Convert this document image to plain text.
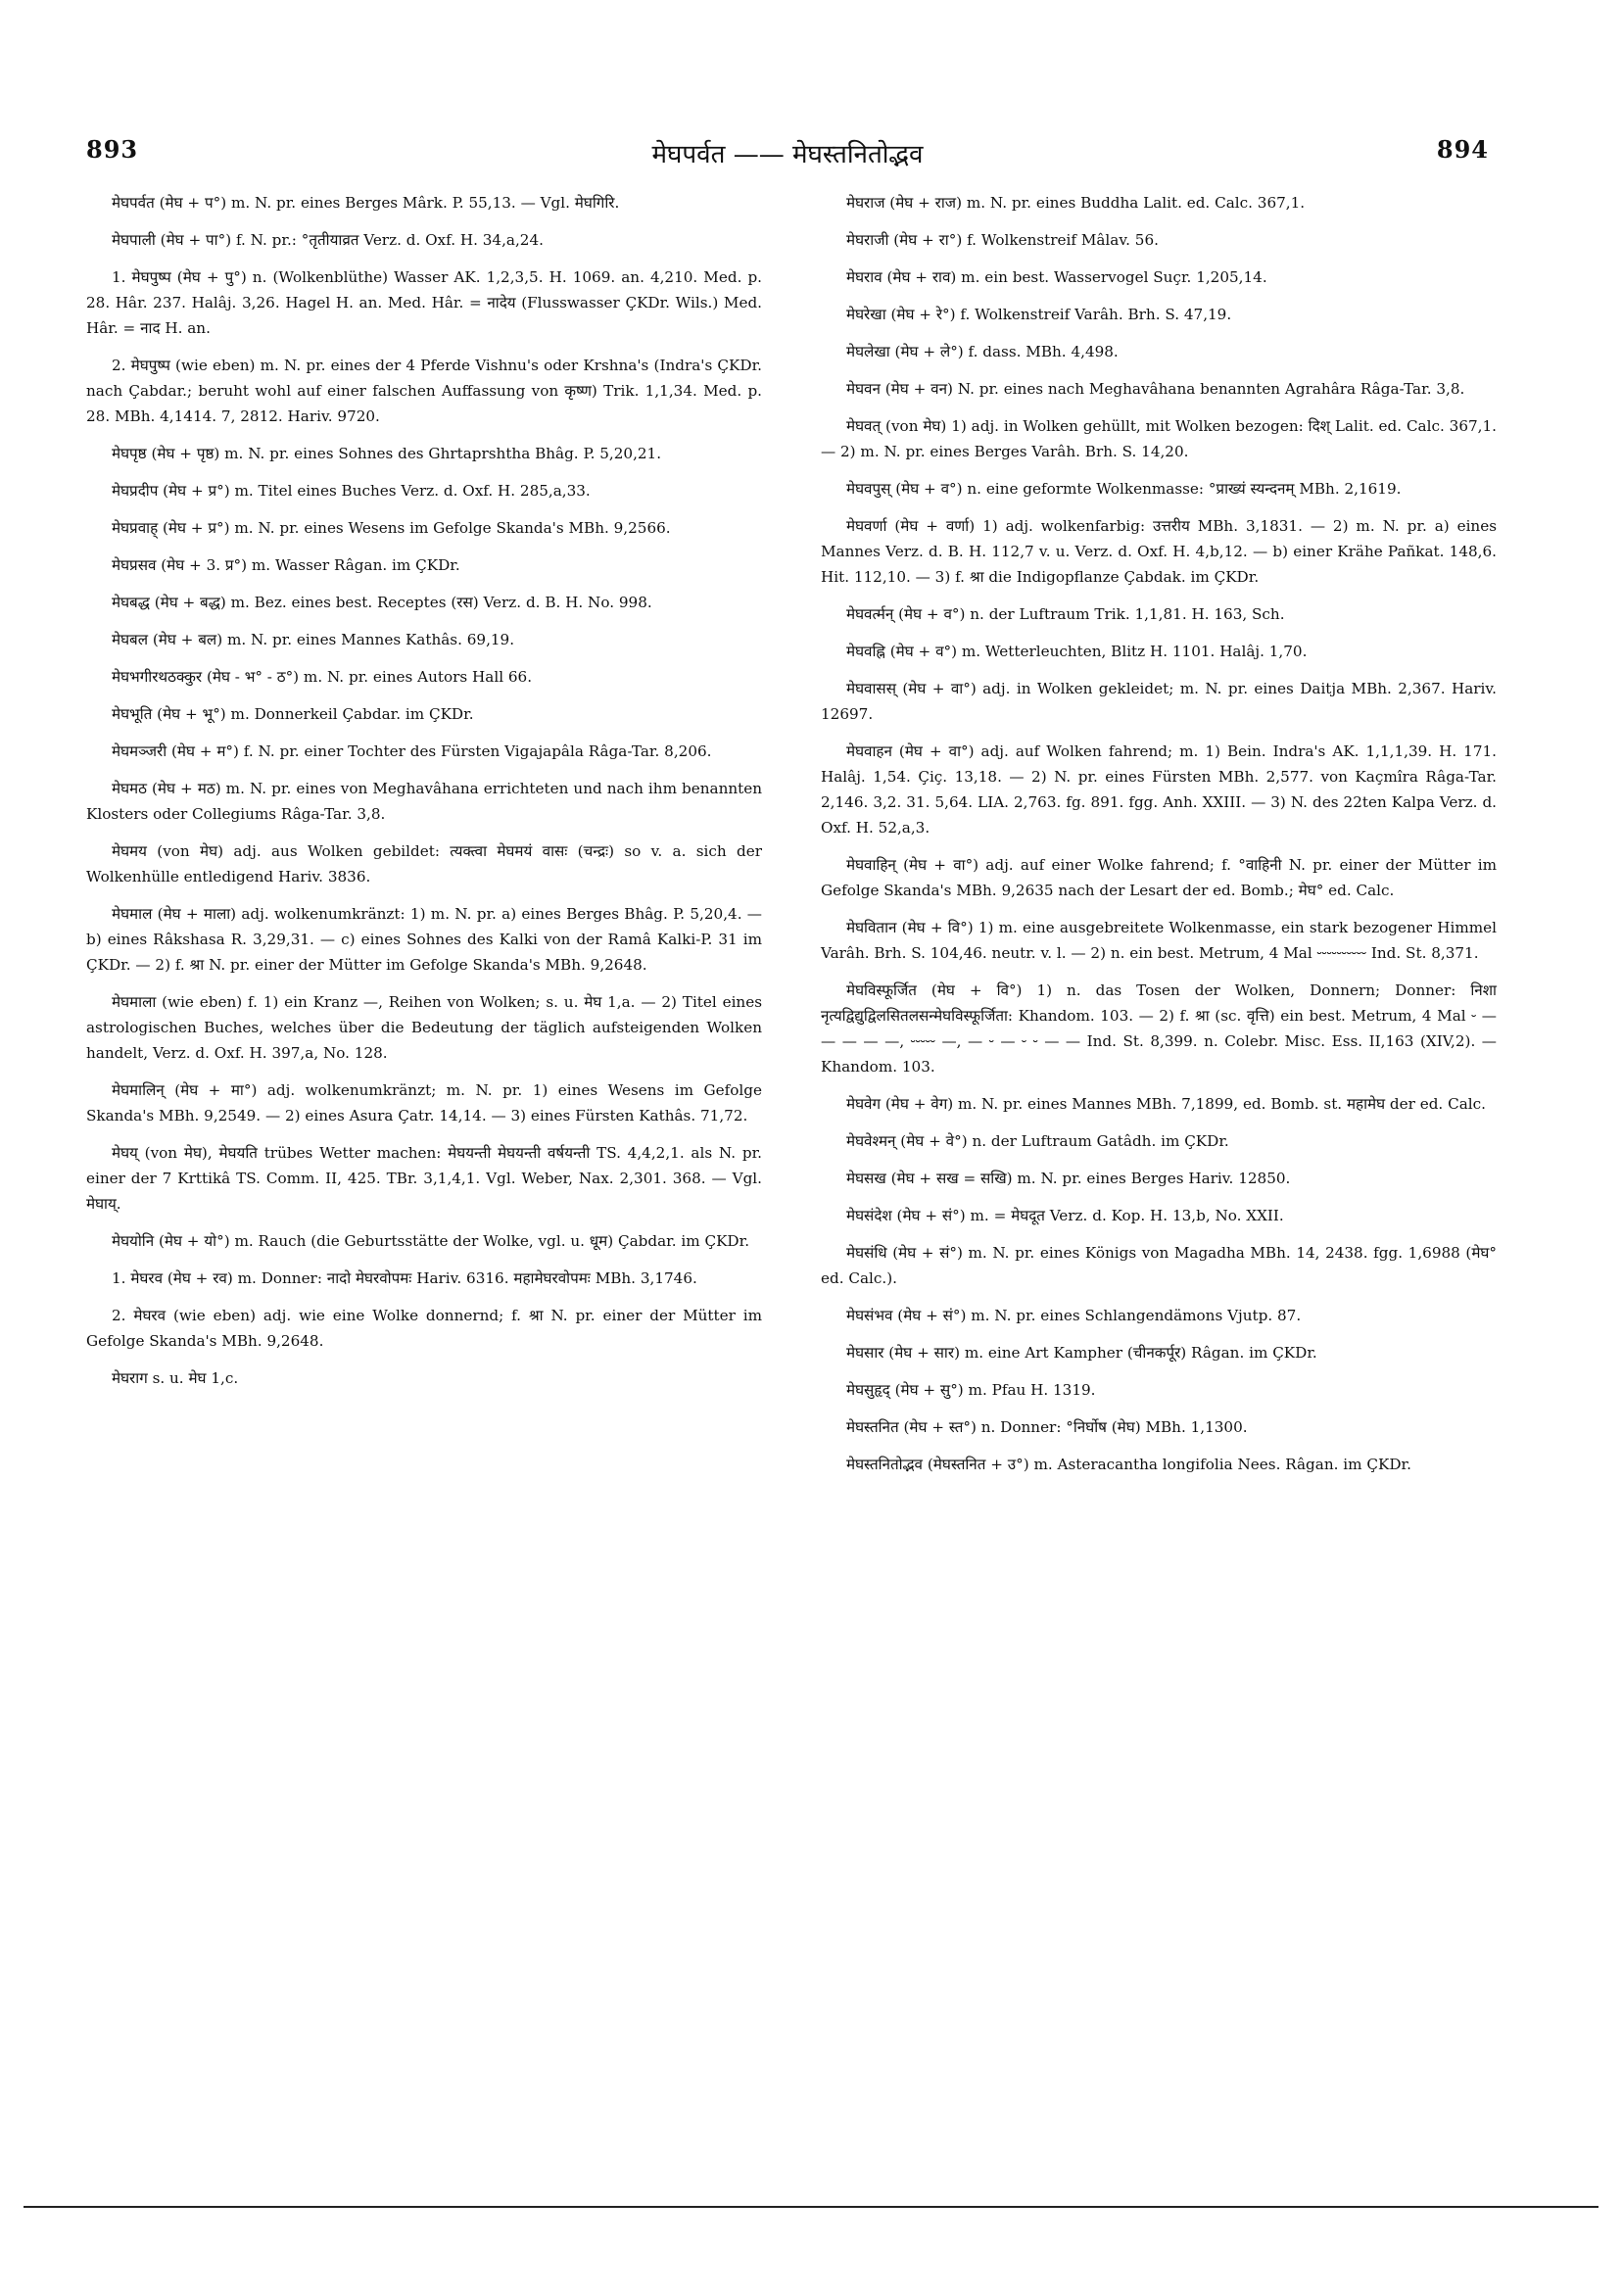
893	मेघपर्वत —— मेघस्तनितोद्भव	894

मेघपर्वत (मेघ + प°) m. N. pr. eines Berges Mârk. P. 55,13. — Vgl. मेघगिरि.

मेघपाली (मेघ + पा°) f. N. pr.: °तृतीयाव्रत Verz. d. Oxf. H. 34,a,24.

1. मेघपुष्प (मेघ + पु°) n. (Wolkenblüthe) Wasser AK. 1,2,3,5. H. 1069. an. 4,210. Med. p. 28. Hâr. 237. Halâj. 3,26. Hagel H. an. Med. Hâr. = नादेय (Flusswasser ÇKDr. Wils.) Med. Hâr. = नाद H. an.

2. मेघपुष्प (wie eben) m. N. pr. eines der 4 Pferde Vishnu's oder Krshna's (Indra's ÇKDr. nach Çabdar.; beruht wohl auf einer falschen Auffassung von कृष्ण) Trik. 1,1,34. Med. p. 28. MBh. 4,1414. 7, 2812. Hariv. 9720.

मेघपृष्ठ (मेघ + पृष्ठ) m. N. pr. eines Sohnes des Ghrtaprshtha Bhâg. P. 5,20,21.

मेघप्रदीप (मेघ + प्र°) m. Titel eines Buches Verz. d. Oxf. H. 285,a,33.

मेघप्रवाह् (मेघ + प्र°) m. N. pr. eines Wesens im Gefolge Skanda's MBh. 9,2566.

मेघप्रसव (मेघ + 3. प्र°) m. Wasser Râgan. im ÇKDr.

मेघबद्ध (मेघ + बद्ध) m. Bez. eines best. Receptes (रस) Verz. d. B. H. No. 998.

मेघबल (मेघ + बल) m. N. pr. eines Mannes Kathâs. 69,19.

मेघभगीरथठक्कुर (मेघ - भ° - ठ°) m. N. pr. eines Autors Hall 66.

मेघभूति (मेघ + भू°) m. Donnerkeil Çabdar. im ÇKDr.

मेघमञ्जरी (मेघ + म°) f. N. pr. einer Tochter des Fürsten Vigajapâla Râga-Tar. 8,206.

मेघमठ (मेघ + मठ) m. N. pr. eines von Meghavâhana errichteten und nach ihm benannten Klosters oder Collegiums Râga-Tar. 3,8.

मेघमय (von मेघ) adj. aus Wolken gebildet: त्यक्त्वा मेघमयं वासः (चन्द्रः) so v. a. sich der Wolkenhülle entledigend Hariv. 3836.

मेघमाल (मेघ + माला) adj. wolkenumkränzt: 1) m. N. pr. a) eines Berges Bhâg. P. 5,20,4. — b) eines Râkshasa R. 3,29,31. — c) eines Sohnes des Kalki von der Ramâ Kalki-P. 31 im ÇKDr. — 2) f. श्रा N. pr. einer der Mütter im Gefolge Skanda's MBh. 9,2648.

मेघमाला (wie eben) f. 1) ein Kranz —, Reihen von Wolken; s. u. मेघ 1,a. — 2) Titel eines astrologischen Buches, welches über die Bedeutung der täglich aufsteigenden Wolken handelt, Verz. d. Oxf. H. 397,a, No. 128.

मेघमालिन् (मेघ + मा°) adj. wolkenumkränzt; m. N. pr. 1) eines Wesens im Gefolge Skanda's MBh. 9,2549. — 2) eines Asura Çatr. 14,14. — 3) eines Fürsten Kathâs. 71,72.

मेघय् (von मेघ), मेघयति trübes Wetter machen: मेघयन्ती मेघयन्ती वर्षयन्ती TS. 4,4,2,1. als N. pr. einer der 7 Krttikâ TS. Comm. II, 425. TBr. 3,1,4,1. Vgl. Weber, Nax. 2,301. 368. — Vgl. मेघाय्.

मेघयोनि (मेघ + यो°) m. Rauch (die Geburtsstätte der Wolke, vgl. u. धूम) Çabdar. im ÇKDr.

1. मेघरव (मेघ + रव) m. Donner: नादो मेघरवोपमः Hariv. 6316. महामेघरवोपमः MBh. 3,1746.

2. मेघरव (wie eben) adj. wie eine Wolke donnernd; f. श्रा N. pr. einer der Mütter im Gefolge Skanda's MBh. 9,2648.

मेघराग s. u. मेघ 1,c.

मेघराज (मेघ + राज) m. N. pr. eines Buddha Lalit. ed. Calc. 367,1.

मेघराजी (मेघ + रा°) f. Wolkenstreif Mâlav. 56.

मेघराव (मेघ + राव) m. ein best. Wasservogel Suçr. 1,205,14.

मेघरेखा (मेघ + रे°) f. Wolkenstreif Varâh. Brh. S. 47,19.

मेघलेखा (मेघ + ले°) f. dass. MBh. 4,498.

मेघवन (मेघ + वन) N. pr. eines nach Meghavâhana benannten Agrahâra Râga-Tar. 3,8.

मेघवत् (von मेघ) 1) adj. in Wolken gehüllt, mit Wolken bezogen: दिश् Lalit. ed. Calc. 367,1. — 2) m. N. pr. eines Berges Varâh. Brh. S. 14,20.

मेघवपुस् (मेघ + व°) n. eine geformte Wolkenmasse: °प्राख्यं स्यन्दनम् MBh. 2,1619.

मेघवर्णा (मेघ + वर्णा) 1) adj. wolkenfarbig: उत्तरीय MBh. 3,1831. — 2) m. N. pr. a) eines Mannes Verz. d. B. H. 112,7 v. u. Verz. d. Oxf. H. 4,b,12. — b) einer Krähe Pañkat. 148,6. Hit. 112,10. — 3) f. श्रा die Indigopflanze Çabdak. im ÇKDr.

मेघवर्त्मन् (मेघ + व°) n. der Luftraum Trik. 1,1,81. H. 163, Sch.

मेघवह्नि (मेघ + व°) m. Wetterleuchten, Blitz H. 1101. Halâj. 1,70.

मेघवासस् (मेघ + वा°) adj. in Wolken gekleidet; m. N. pr. eines Daitja MBh. 2,367. Hariv. 12697.

मेघवाहन (मेघ + वा°) adj. auf Wolken fahrend; m. 1) Bein. Indra's AK. 1,1,1,39. H. 171. Halâj. 1,54. Çiç. 13,18. — 2) N. pr. eines Fürsten MBh. 2,577. von Kaçmîra Râga-Tar. 2,146. 3,2. 31. 5,64. LIA. 2,763. fg. 891. fgg. Anh. XXIII. — 3) N. des 22ten Kalpa Verz. d. Oxf. H. 52,a,3.

मेघवाहिन् (मेघ + वा°) adj. auf einer Wolke fahrend; f. °वाहिनी N. pr. einer der Mütter im Gefolge Skanda's MBh. 9,2635 nach der Lesart der ed. Bomb.; मेघ° ed. Calc.

मेघवितान (मेघ + वि°) 1) m. eine ausgebreitete Wolkenmasse, ein stark bezogener Himmel Varâh. Brh. S. 104,46. neutr. v. l. — 2) n. ein best. Metrum, 4 Mal ⏑⏑⏑⏑⏑⏑⏑⏑⏑⏑ Ind. St. 8,371.

मेघविस्फूर्जित (मेघ + वि°) 1) n. das Tosen der Wolken, Donnern; Donner: निशा नृत्यद्विद्युद्विलसितलसन्मेघविस्फूर्जिता: Khandom. 103. — 2) f. श्रा (sc. वृत्ति) ein best. Metrum, 4 Mal ⏑ — — — — —, ⏑⏑⏑⏑⏑ —, — ⏑ — ⏑ ⏑ — — Ind. St. 8,399. n. Colebr. Misc. Ess. II,163 (XIV,2). — Khandom. 103.

मेघवेग (मेघ + वेग) m. N. pr. eines Mannes MBh. 7,1899, ed. Bomb. st. महामेघ der ed. Calc.

मेघवेश्मन् (मेघ + वे°) n. der Luftraum Gatâdh. im ÇKDr.

मेघसख (मेघ + सख = सखि) m. N. pr. eines Berges Hariv. 12850.

मेघसंदेश (मेघ + सं°) m. = मेघदूत Verz. d. Kop. H. 13,b, No. XXII.

मेघसंधि (मेघ + सं°) m. N. pr. eines Königs von Magadha MBh. 14, 2438. fgg. 1,6988 (मेघ° ed. Calc.).

मेघसंभव (मेघ + सं°) m. N. pr. eines Schlangendämons Vjutp. 87.

मेघसार (मेघ + सार) m. eine Art Kampher (चीनकर्पूर) Râgan. im ÇKDr.

मेघसुहृद् (मेघ + सु°) m. Pfau H. 1319.

मेघस्तनित (मेघ + स्त°) n. Donner: °निर्घोष (मेघ) MBh. 1,1300.

मेघस्तनितोद्भव (मेघस्तनित + उ°) m. Asteracantha longifolia Nees. Râgan. im ÇKDr.
